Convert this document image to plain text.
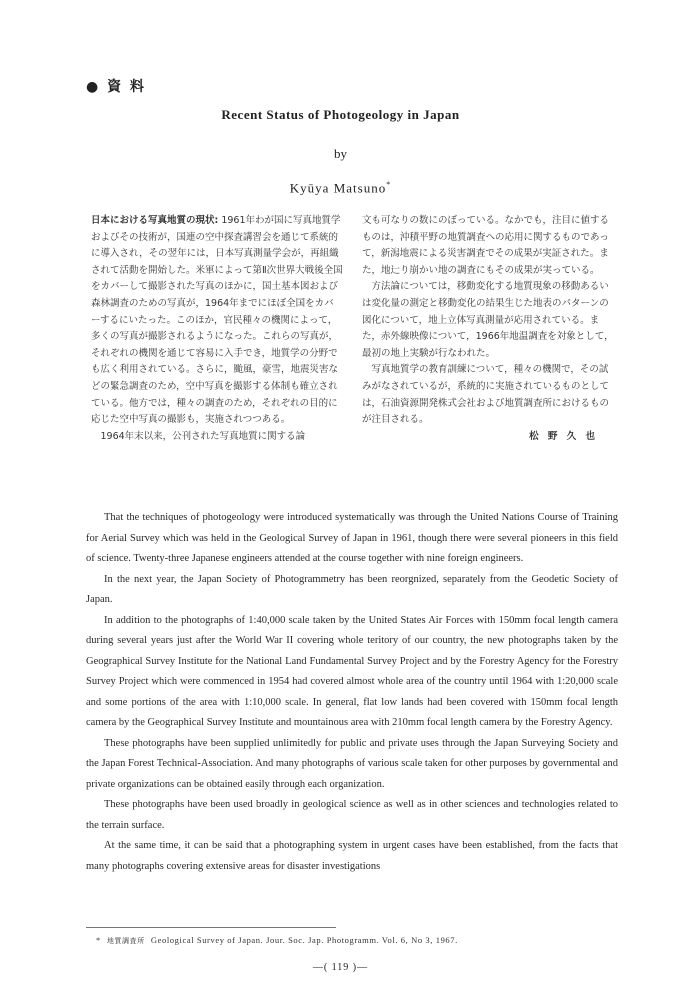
● 資 料
Recent Status of Photogeology in Japan
by
Kyūya Matsuno*

日本における写真地質の現状: 1961年わが国に写真地質学およびその技術が，国連の空中探査講習会を通じて系統的に導入され，その翌年には，日本写真測量学会が，再組織されて活動を開始した。米軍によって第Ⅱ次世界大戦後全国をカバーして撮影された写真のほかに，国土基本図および森林調査のための写真が，1964年までにほぼ全国をカバーするにいたった。このほか，官民種々の機関によって，多くの写真が撮影されるようになった。これらの写真が，それぞれの機関を通じて容易に入手でき，地質学の分野でも広く利用されている。さらに，颱風，豪雪，地震災害などの緊急調査のため，空中写真を撮影する体制も確立されている。他方では，種々の調査のため，それぞれの目的に応じた空中写真の撮影も，実施されつつある。

1964年末以来，公刊された写真地質に関する論

文も可なりの数にのぼっている。なかでも，注目に値するものは，沖積平野の地質調査への応用に関するものであって，新潟地震による災害調査でその成果が実証された。また，地辷り崩かい地の調査にもその成果が実っている。

方法論については，移動変化する地質現象の移動あるいは変化量の測定と移動変化の結果生じた地表のパターンの図化について，地上立体写真測量が応用されている。また，赤外線映像について，1966年地温調査を対象として，最初の地上実験が行なわれた。

写真地質学の教育訓練について，種々の機関で，その試みがなされているが，系統的に実施されているものとしては，石油資源開発株式会社および地質調査所におけるものが注目される。

松 野 久 也

That the techniques of photogeology were introduced systematically was through the United Nations Course of Training for Aerial Survey which was held in the Geological Survey of Japan in 1961, though there were several pioneers in this field of science. Twenty-three Japanese engineers attended at the course together with nine foreign engineers.

In the next year, the Japan Society of Photogrammetry has been reorgnized, separately from the Geodetic Society of Japan.

In addition to the photographs of 1:40,000 scale taken by the United States Air Forces with 150mm focal length camera during several years just after the World War II covering whole teritory of our country, the new photographs taken by the Geographical Survey Institute for the National Land Fundamental Survey Project and by the Forestry Agency for the Forestry Survey Project which were commenced in 1954 had covered almost whole area of the country until 1964 with 1:20,000 scale and some portions of the area with 1:10,000 scale. In general, flat low lands had been covered with 150mm focal length camera by the Geographical Survey Institute and mountainous area with 210mm focal length camera by the Forestry Agency.

These photographs have been supplied unlimitedly for public and private uses through the Japan Surveying Society and the Japan Forest Technical-Association. And many photographs of various scale taken for other purposes by governmental and private organizations can be obtained easily through each organization.

These photographs have been used broadly in geological science as well as in other sciences and technologies related to the terrain surface.

At the same time, it can be said that a photographing system in urgent cases have been established, from the facts that many photographs covering extensive areas for disaster investigations

* 地質調査所 Geological Survey of Japan. Jour. Soc. Jap. Photogramm. Vol. 6, No 3, 1967.
—( 119 )—
